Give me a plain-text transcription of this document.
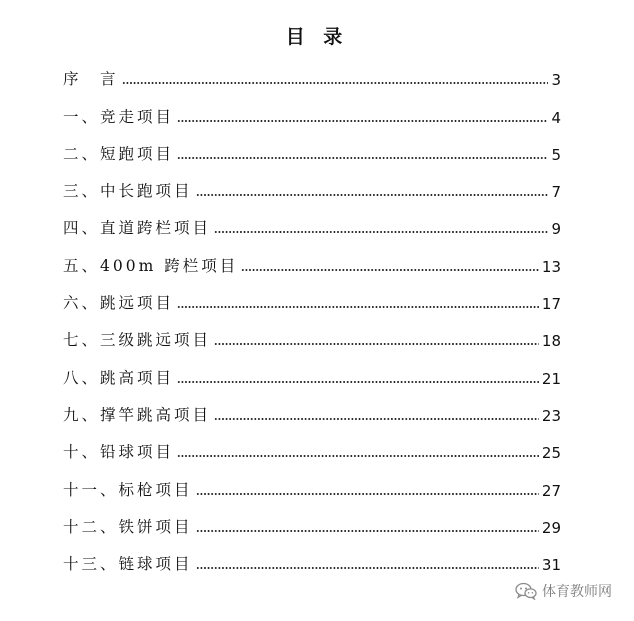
目 录
序　言	3
一、竞走项目	4
二、短跑项目	5
三、中长跑项目	7
四、直道跨栏项目	9
五、400m 跨栏项目	13
六、跳远项目	17
七、三级跳远项目	18
八、跳高项目	21
九、撑竿跳高项目	23
十、铅球项目	25
十一、标枪项目	27
十二、铁饼项目	29
十三、链球项目	31
体育教师网
